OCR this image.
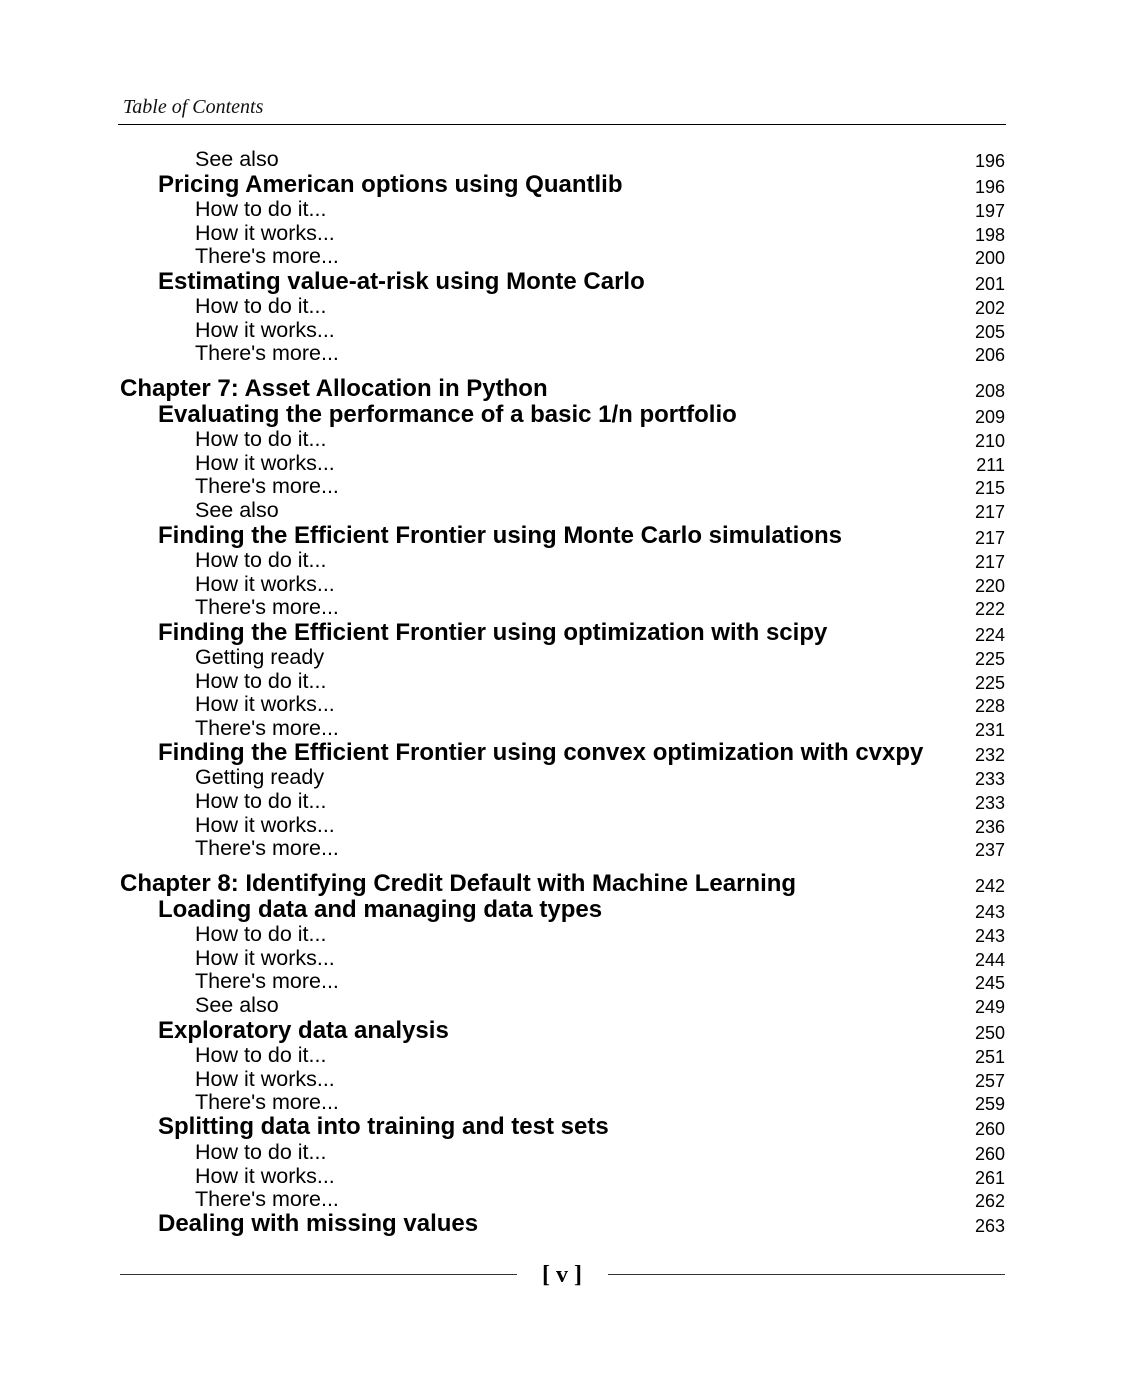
Table of Contents
See also	196
Pricing American options using Quantlib	196
How to do it...	197
How it works...	198
There's more...	200
Estimating value-at-risk using Monte Carlo	201
How to do it...	202
How it works...	205
There's more...	206
Chapter 7: Asset Allocation in Python	208
Evaluating the performance of a basic 1/n portfolio	209
How to do it...	210
How it works...	211
There's more...	215
See also	217
Finding the Efficient Frontier using Monte Carlo simulations	217
How to do it...	217
How it works...	220
There's more...	222
Finding the Efficient Frontier using optimization with scipy	224
Getting ready	225
How to do it...	225
How it works...	228
There's more...	231
Finding the Efficient Frontier using convex optimization with cvxpy	232
Getting ready	233
How to do it...	233
How it works...	236
There's more...	237
Chapter 8: Identifying Credit Default with Machine Learning	242
Loading data and managing data types	243
How to do it...	243
How it works...	244
There's more...	245
See also	249
Exploratory data analysis	250
How to do it...	251
How it works...	257
There's more...	259
Splitting data into training and test sets	260
How to do it...	260
How it works...	261
There's more...	262
Dealing with missing values	263
[ v ]
